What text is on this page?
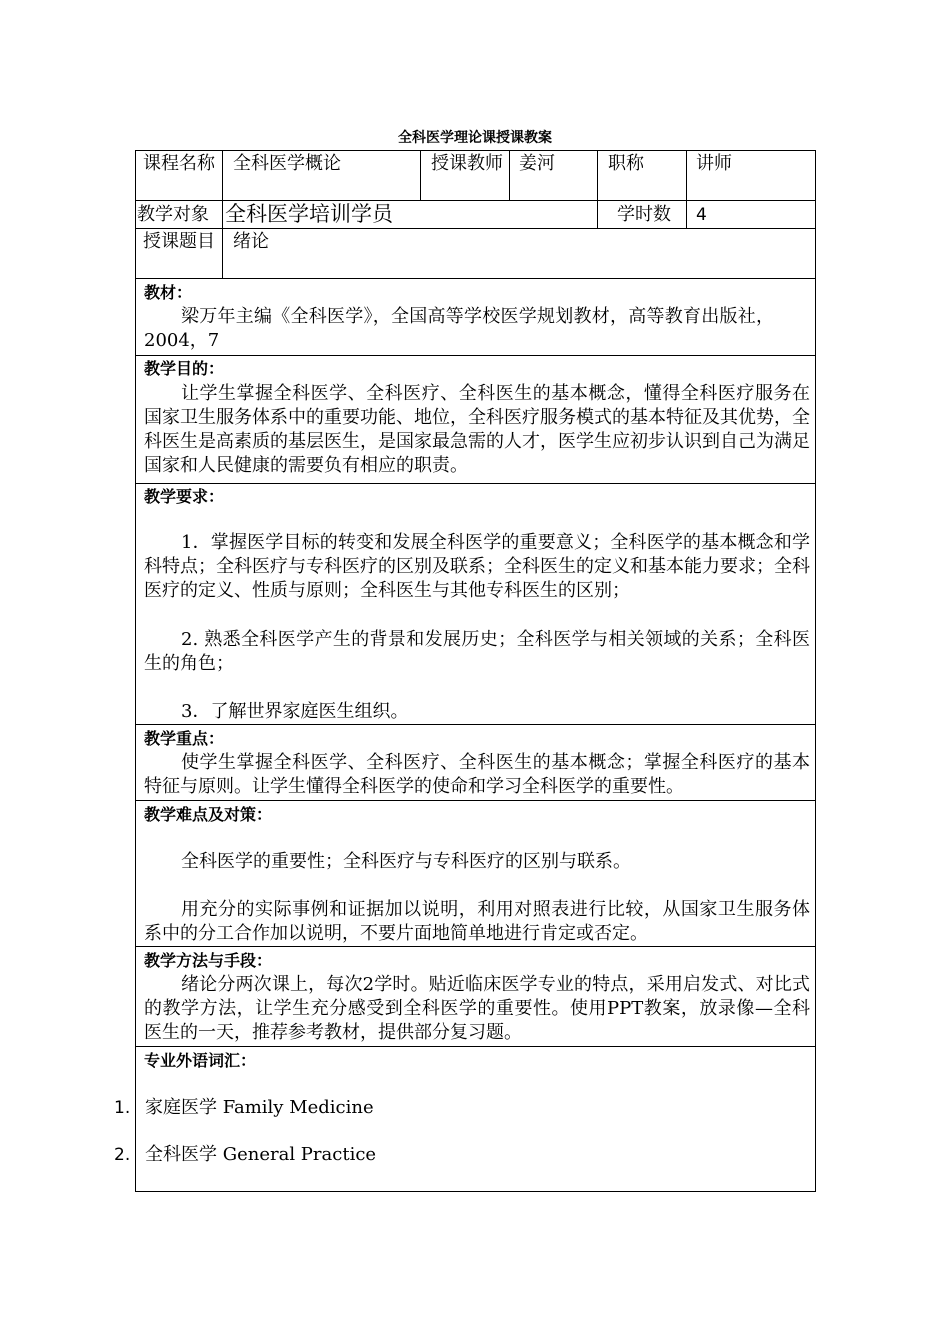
全科医学理论课授课教案
课程名称 全科医学概论	授课教师 姜河	职称	讲师
教学对象 全科医学培训学员	学时数 4
授课题目 绪论
教材：
梁万年主编《全科医学》，全国高等学校医学规划教材，高等教育出版社，2004，7
教学目的：
让学生掌握全科医学、全科医疗、全科医生的基本概念，懂得全科医疗服务在国家卫生服务体系中的重要功能、地位，全科医疗服务模式的基本特征及其优势，全科医生是高素质的基层医生，是国家最急需的人才，医学生应初步认识到自己为满足国家和人民健康的需要负有相应的职责。
教学要求：
1．掌握医学目标的转变和发展全科医学的重要意义；全科医学的基本概念和学科特点；全科医疗与专科医疗的区别及联系；全科医生的定义和基本能力要求；全科医疗的定义、性质与原则；全科医生与其他专科医生的区别；
2. 熟悉全科医学产生的背景和发展历史；全科医学与相关领域的关系；全科医生的角色；
3．了解世界家庭医生组织。
教学重点：
使学生掌握全科医学、全科医疗、全科医生的基本概念；掌握全科医疗的基本特征与原则。让学生懂得全科医学的使命和学习全科医学的重要性。
教学难点及对策：
全科医学的重要性；全科医疗与专科医疗的区别与联系。
用充分的实际事例和证据加以说明，利用对照表进行比较，从国家卫生服务体系中的分工合作加以说明，不要片面地简单地进行肯定或否定。
教学方法与手段：
绪论分两次课上，每次2学时。贴近临床医学专业的特点，采用启发式、对比式的教学方法，让学生充分感受到全科医学的重要性。使用PPT教案，放录像—全科医生的一天，推荐参考教材，提供部分复习题。
专业外语词汇：
1. 家庭医学 Family Medicine
2. 全科医学 General Practice
